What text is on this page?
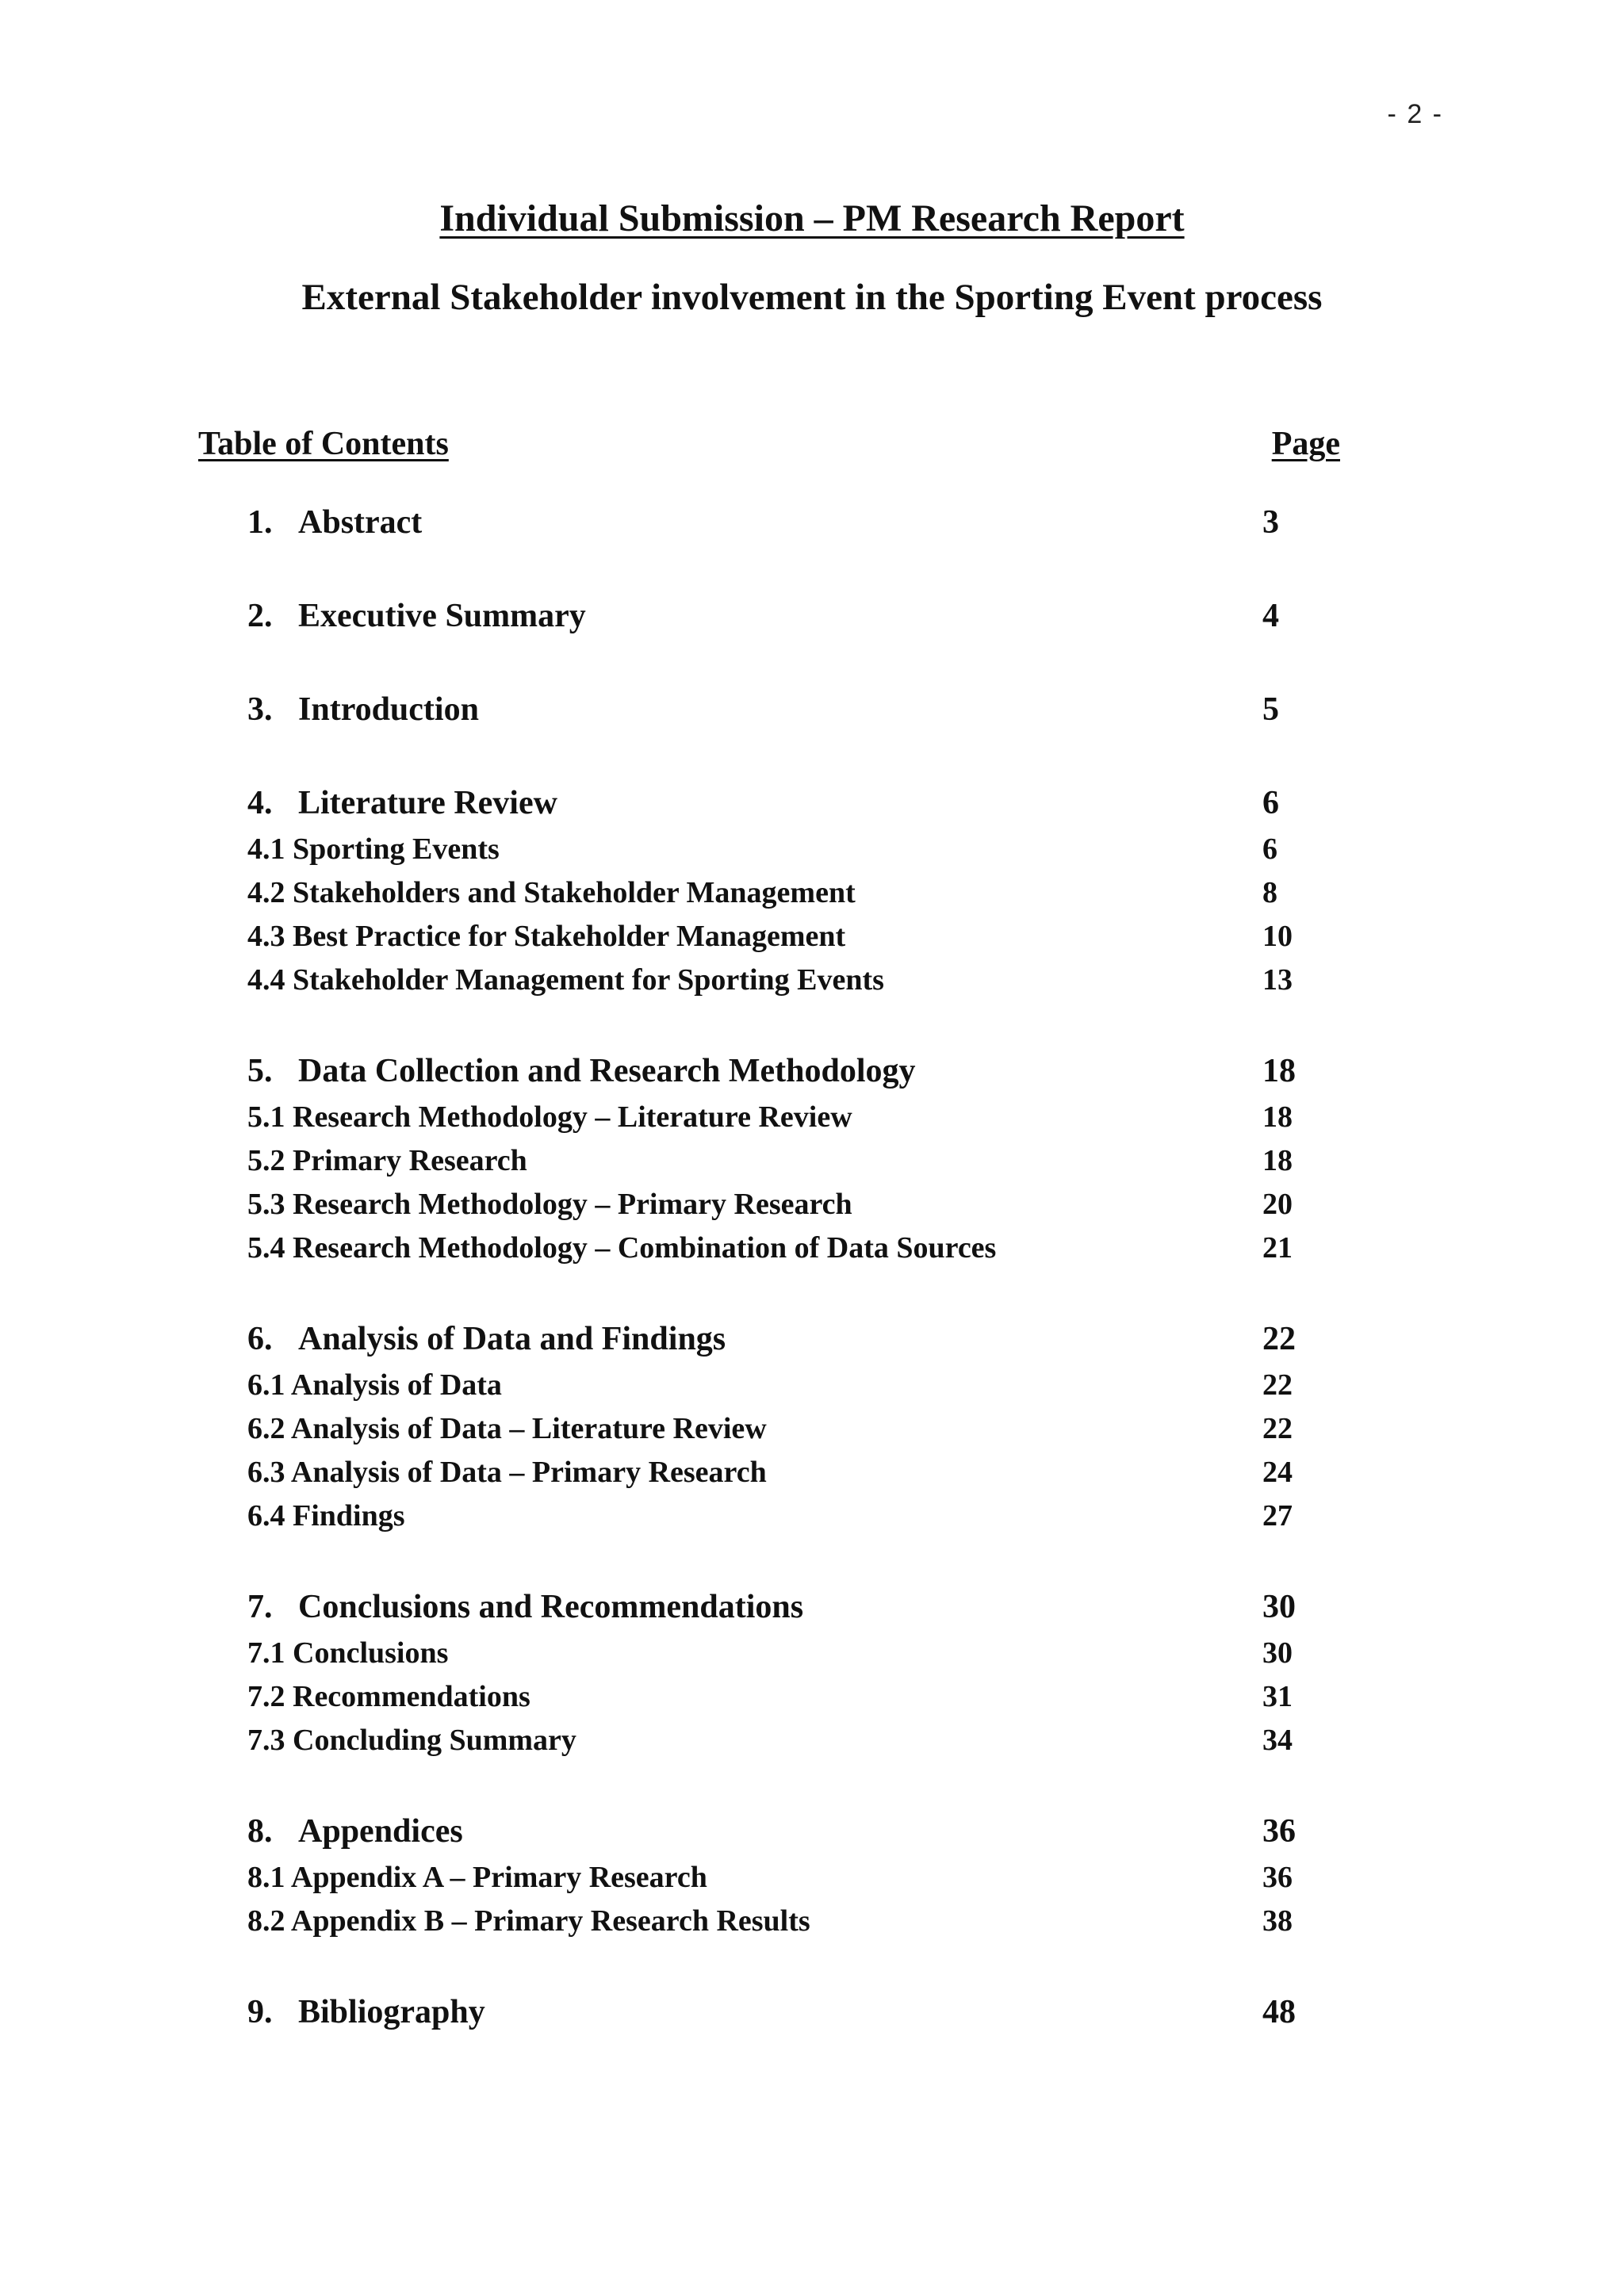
- 2 -
Individual Submission – PM Research Report
External Stakeholder involvement in the Sporting Event process
Table of Contents	Page
1. Abstract	3
2. Executive Summary	4
3. Introduction	5
4. Literature Review	6
4.1 Sporting Events	6
4.2 Stakeholders and Stakeholder Management	8
4.3 Best Practice for Stakeholder Management	10
4.4 Stakeholder Management for Sporting Events	13
5. Data Collection and Research Methodology	18
5.1 Research Methodology – Literature Review	18
5.2 Primary Research	18
5.3 Research Methodology – Primary Research	20
5.4 Research Methodology – Combination of Data Sources	21
6. Analysis of Data and Findings	22
6.1 Analysis of Data	22
6.2 Analysis of Data – Literature Review	22
6.3 Analysis of Data – Primary Research	24
6.4 Findings	27
7. Conclusions and Recommendations	30
7.1 Conclusions	30
7.2 Recommendations	31
7.3 Concluding Summary	34
8. Appendices	36
8.1 Appendix A – Primary Research	36
8.2 Appendix B – Primary Research Results	38
9. Bibliography	48
